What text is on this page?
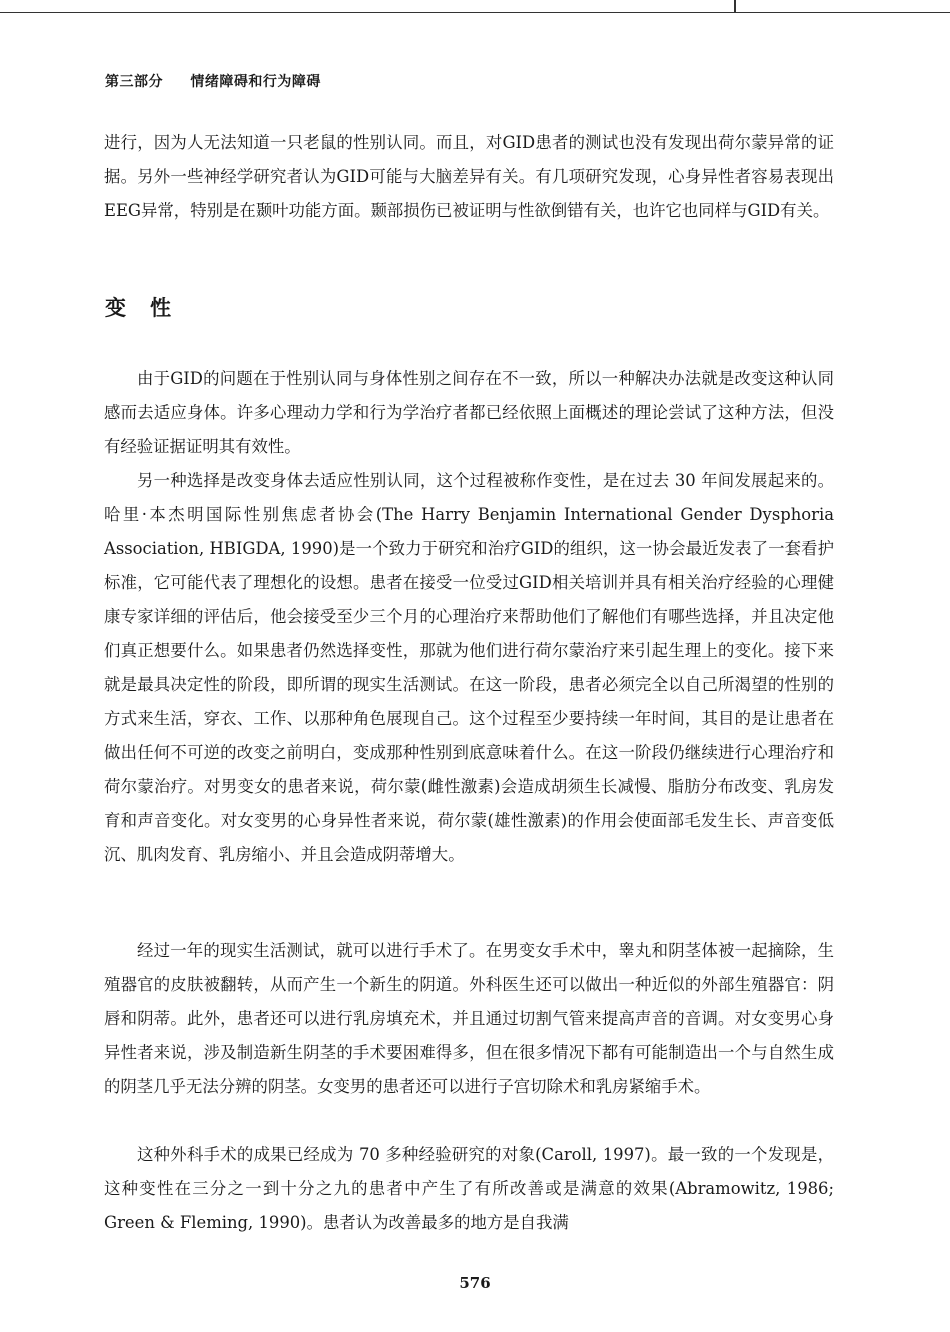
第三部分 情绪障碍和行为障碍

进行，因为人无法知道一只老鼠的性别认同。而且，对GID患者的测试也没有发现出荷尔蒙异常的证据。另外一些神经学研究者认为GID可能与大脑差异有关。有几项研究发现，心身异性者容易表现出EEG异常，特别是在颞叶功能方面。颞部损伤已被证明与性欲倒错有关，也许它也同样与GID有关。

变性

由于GID的问题在于性别认同与身体性别之间存在不一致，所以一种解决办法就是改变这种认同感而去适应身体。许多心理动力学和行为学治疗者都已经依照上面概述的理论尝试了这种方法，但没有经验证据证明其有效性。

另一种选择是改变身体去适应性别认同，这个过程被称作变性，是在过去 30 年间发展起来的。哈里·本杰明国际性别焦虑者协会(The Harry Benjamin International Gender Dysphoria Association, HBIGDA, 1990)是一个致力于研究和治疗GID的组织，这一协会最近发表了一套看护标准，它可能代表了理想化的设想。患者在接受一位受过GID相关培训并具有相关治疗经验的心理健康专家详细的评估后，他会接受至少三个月的心理治疗来帮助他们了解他们有哪些选择，并且决定他们真正想要什么。如果患者仍然选择变性，那就为他们进行荷尔蒙治疗来引起生理上的变化。接下来就是最具决定性的阶段，即所谓的现实生活测试。在这一阶段，患者必须完全以自己所渴望的性别的方式来生活，穿衣、工作、以那种角色展现自己。这个过程至少要持续一年时间，其目的是让患者在做出任何不可逆的改变之前明白，变成那种性别到底意味着什么。在这一阶段仍继续进行心理治疗和荷尔蒙治疗。对男变女的患者来说，荷尔蒙(雌性激素)会造成胡须生长减慢、脂肪分布改变、乳房发育和声音变化。对女变男的心身异性者来说，荷尔蒙(雄性激素)的作用会使面部毛发生长、声音变低沉、肌肉发育、乳房缩小、并且会造成阴蒂增大。

经过一年的现实生活测试，就可以进行手术了。在男变女手术中，睾丸和阴茎体被一起摘除，生殖器官的皮肤被翻转，从而产生一个新生的阴道。外科医生还可以做出一种近似的外部生殖器官：阴唇和阴蒂。此外，患者还可以进行乳房填充术，并且通过切割气管来提高声音的音调。对女变男心身异性者来说，涉及制造新生阴茎的手术要困难得多，但在很多情况下都有可能制造出一个与自然生成的阴茎几乎无法分辨的阴茎。女变男的患者还可以进行子宫切除术和乳房紧缩手术。

这种外科手术的成果已经成为 70 多种经验研究的对象(Caroll, 1997)。最一致的一个发现是，这种变性在三分之一到十分之九的患者中产生了有所改善或是满意的效果(Abramowitz, 1986; Green & Fleming, 1990)。患者认为改善最多的地方是自我满

576
